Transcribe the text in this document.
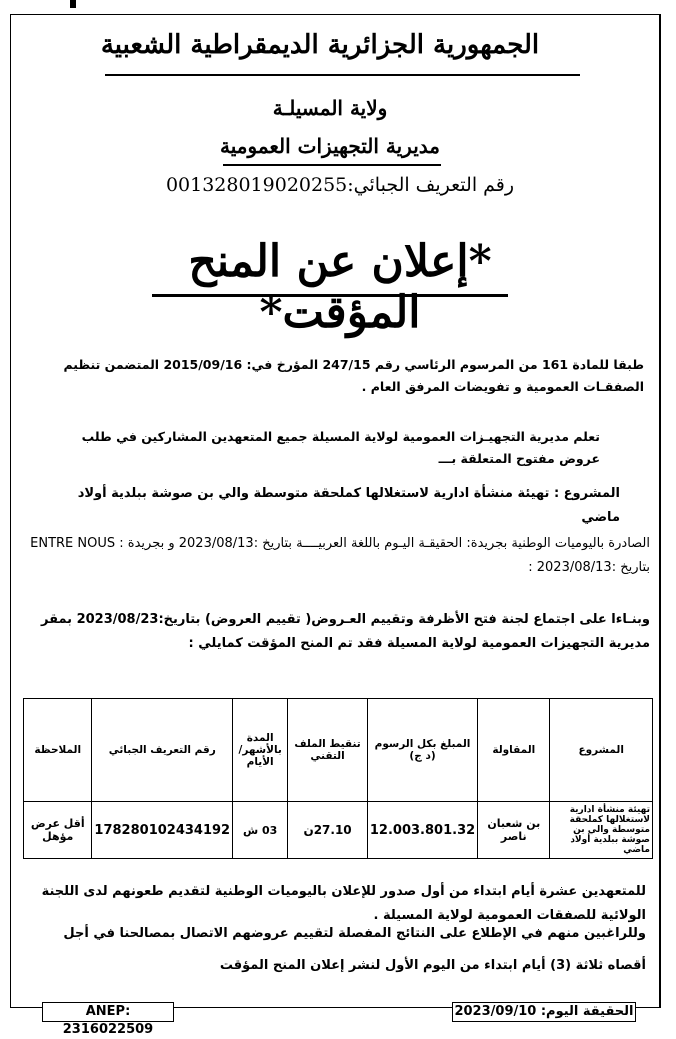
الجمهورية الجزائرية الديمقراطية الشعبية
ولاية المسيلـة
مديرية التجهيزات العمومية
رقم التعريف الجبائي:001328019020255
*إعلان عن المنح المؤقت*
طبقا للمادة 161 من المرسوم الرئاسي رقم 247/15 المؤرخ في: 2015/09/16 المتضمن تنظيم الصفقـات العمومية و تفويضات المرفق العام .
تعلم مديرية التجهيـزات العمومية لولاية المسيلة جميع المتعهدين المشاركين في طلب عروض مفتوح المتعلقة بـــ
المشروع : تهيئة منشأة ادارية لاستغلالها كملحقة متوسطة والي بن صوشة ببلدية أولاد ماضي
الصادرة باليوميات الوطنية بجريدة: الحقيقـة اليـوم باللغة العربيــــة بتاريخ :2023/08/13 و بجريدة : ENTRE NOUS بتاريخ :2023/08/13 :
وبنـاءا على اجتماع لجنة فتح الأظرفة وتقييم العـروض( تقييم العروض) بتاريخ:2023/08/23 بمقر مديرية التجهيزات العمومية لولاية المسيلة فقد تم المنح المؤقت كمايلي :
المشروع	المقاولة	المبلغ بكل الرسوم (د ج)	تنقيط الملف التقني	المدة بالأشهر/ الأيام	رقم التعريف الجبائي	الملاحظة
تهيئة منشأة ادارية لاستغلالها كملحقة متوسطة والي بن صوشة ببلدية أولاد ماضي	بن شعبان ناصر	12.003.801.32	27.10ن	03 ش	178280102434192	أقل عرض مؤهل
للمتعهدين عشرة أيام ابتداء من أول صدور للإعلان باليوميات الوطنية لتقديم طعونهم لدى اللجنة الولائية للصفقات العمومية لولاية المسيلة .
وللراغبين منهم في الإطلاع على النتائج المفصلة لتقييم عروضهم الاتصال بمصالحنا في أجل أقصاه ثلاثة (3) أيام ابتداء من اليوم الأول لنشر إعلان المنح المؤقت
ANEP: 2316022509
الحقيقة اليوم: 2023/09/10
